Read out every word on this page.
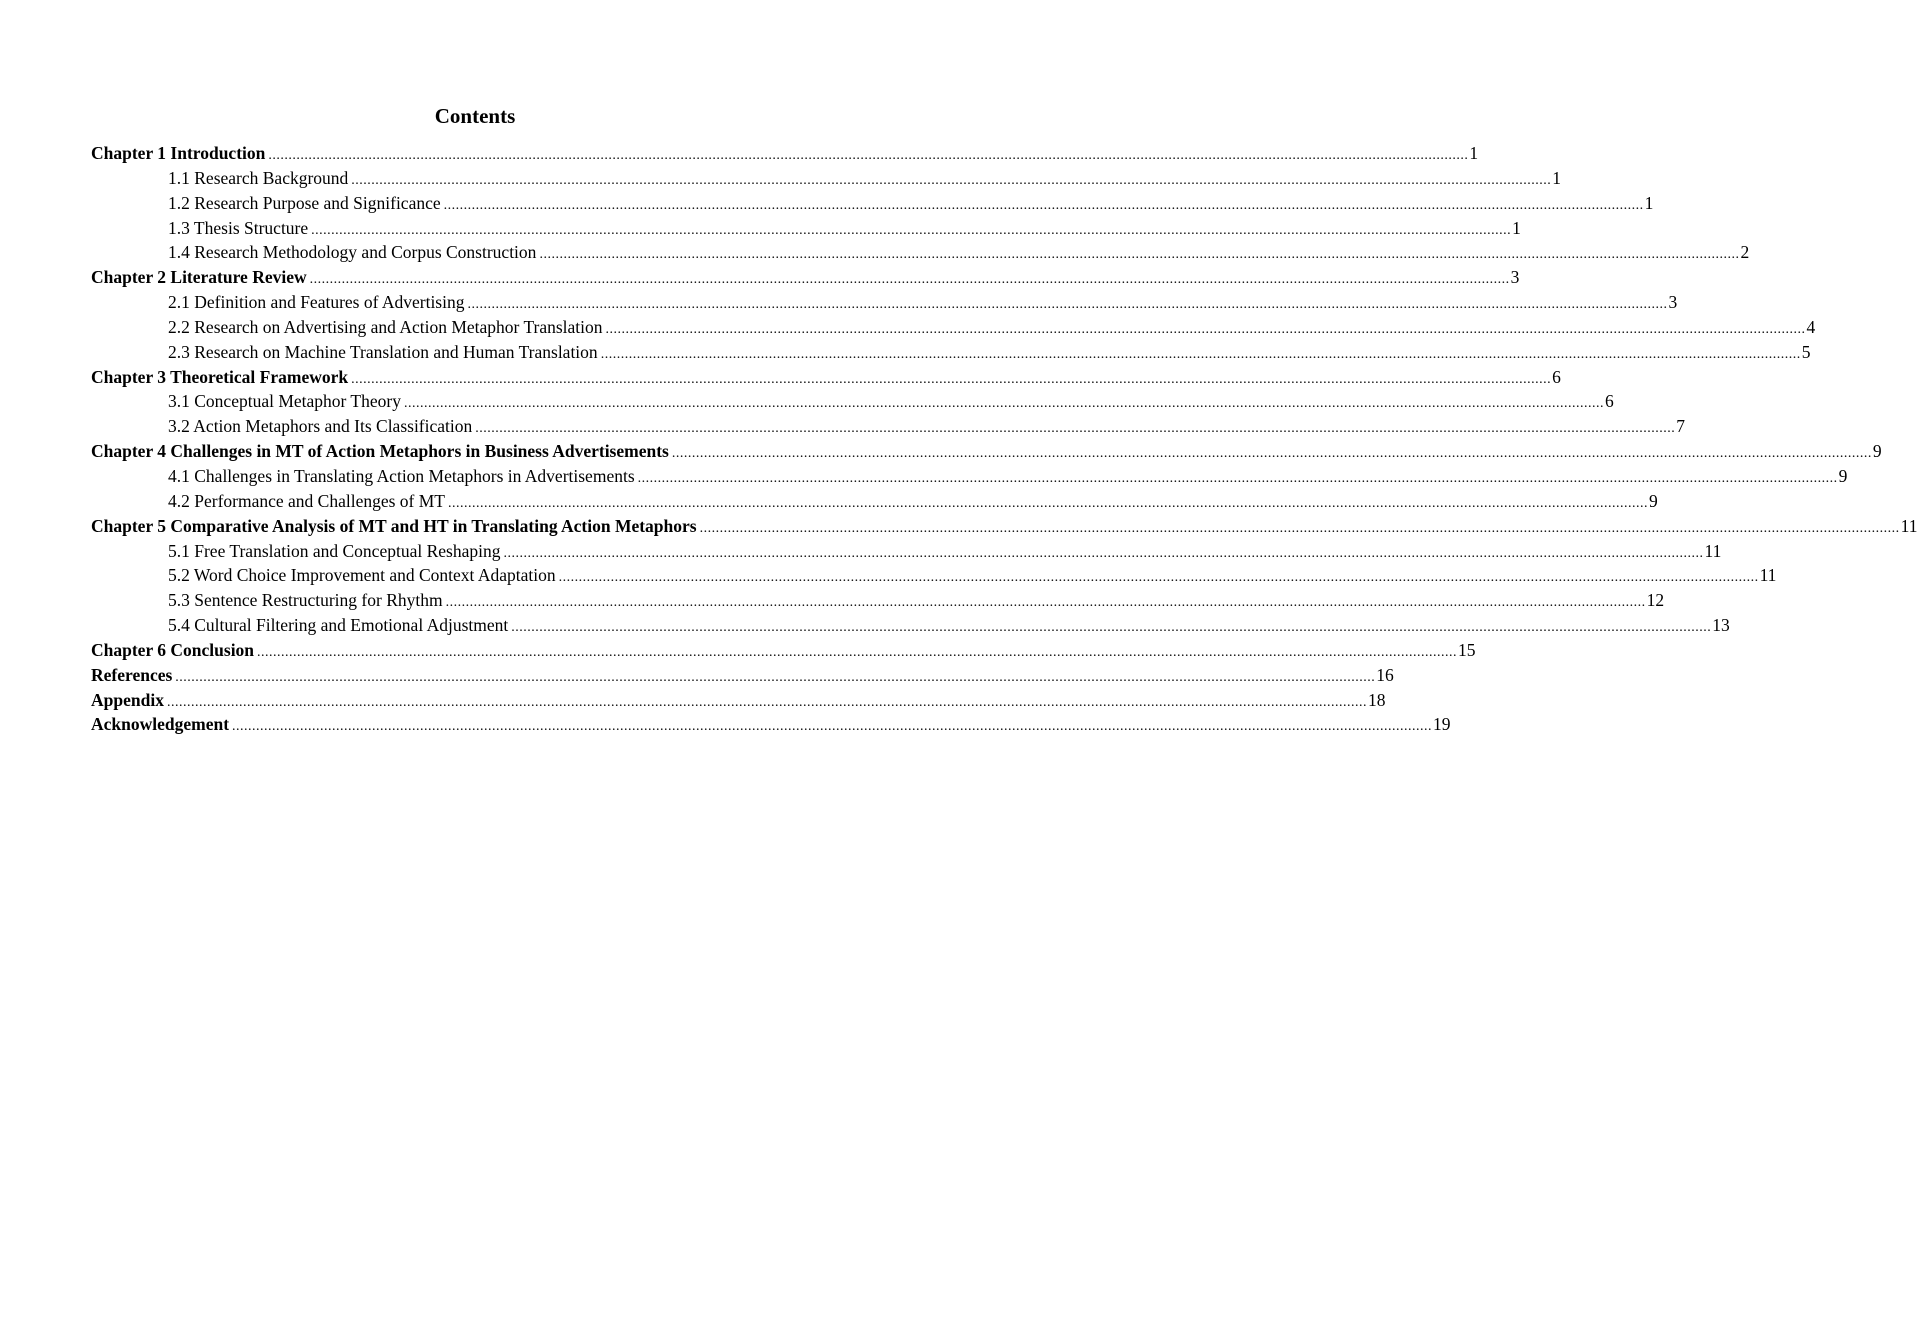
Contents
Chapter 1 Introduction ............................................................................................................................................................................................................................................................................................................ 1
1.1 Research Background ............................................................................................................................................................................................................................................................................................................ 1
1.2 Research Purpose and Significance ............................................................................................................................................................................................................................................................................................................ 1
1.3 Thesis Structure ............................................................................................................................................................................................................................................................................................................ 1
1.4 Research Methodology and Corpus Construction ............................................................................................................................................................................................................................................................................................................ 2
Chapter 2 Literature Review ............................................................................................................................................................................................................................................................................................................ 3
2.1 Definition and Features of Advertising ............................................................................................................................................................................................................................................................................................................ 3
2.2 Research on Advertising and Action Metaphor Translation ............................................................................................................................................................................................................................................................................................................ 4
2.3 Research on Machine Translation and Human Translation ............................................................................................................................................................................................................................................................................................................ 5
Chapter 3 Theoretical Framework ............................................................................................................................................................................................................................................................................................................ 6
3.1 Conceptual Metaphor Theory ............................................................................................................................................................................................................................................................................................................ 6
3.2 Action Metaphors and Its Classification ............................................................................................................................................................................................................................................................................................................ 7
Chapter 4 Challenges in MT of Action Metaphors in Business Advertisements ............................................................................................................................................................................................................................................................................................................ 9
4.1 Challenges in Translating Action Metaphors in Advertisements ............................................................................................................................................................................................................................................................................................................ 9
4.2 Performance and Challenges of MT ............................................................................................................................................................................................................................................................................................................ 9
Chapter 5 Comparative Analysis of MT and HT in Translating Action Metaphors ............................................................................................................................................................................................................................................................................................................ 11
5.1 Free Translation and Conceptual Reshaping ............................................................................................................................................................................................................................................................................................................ 11
5.2 Word Choice Improvement and Context Adaptation ............................................................................................................................................................................................................................................................................................................ 11
5.3 Sentence Restructuring for Rhythm ............................................................................................................................................................................................................................................................................................................ 12
5.4 Cultural Filtering and Emotional Adjustment ............................................................................................................................................................................................................................................................................................................ 13
Chapter 6 Conclusion ............................................................................................................................................................................................................................................................................................................ 15
References ............................................................................................................................................................................................................................................................................................................ 16
Appendix ............................................................................................................................................................................................................................................................................................................ 18
Acknowledgement ............................................................................................................................................................................................................................................................................................................ 19
